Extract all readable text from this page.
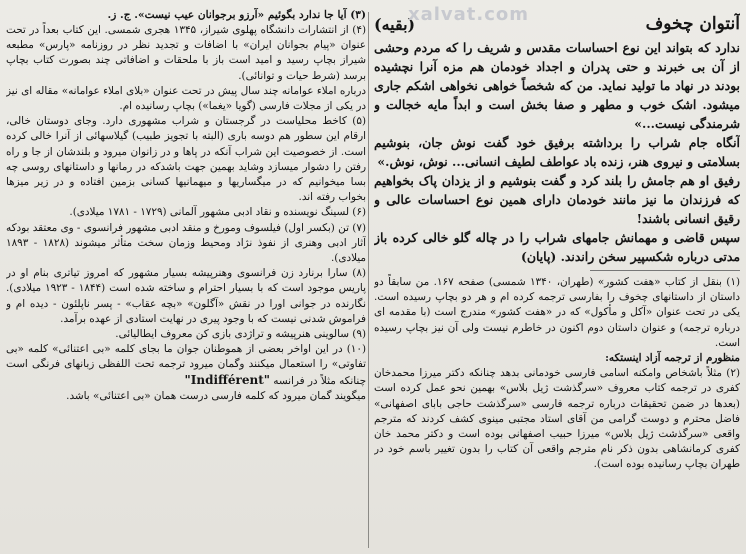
xalvat.com	آنتوان چخوف
(بقیه)

ندارد که بتواند این نوع احساسات مقدس و شریف را که مردم وحشی از آن بی خبرند و حتی پدران و اجداد خودمان هم مزه آنرا نچشیده بودند در نهاد ما تولید نماید. من که شخصاً خواهی نخواهی اشکم جاری میشود. اشک خوب و مطهر و صفا بخش است و ابداً مایه خجالت و شرمندگی نیست...»

آنگاه جام شراب را برداشته برفیق خود گفت نوش جان، بنوشیم بسلامتی و نیروی هنر، زنده باد عواطف لطیف انسانی... نوش، نوش.»

رفیق او هم جامش را بلند کرد و گفت بنوشیم و از یزدان پاک بخواهیم که فرزندان ما نیز مانند خودمان دارای همین نوع احساسات عالی و رقیق انسانی باشند!

سپس قاضی و مهمانش جامهای شراب را در چاله گلو خالی کرده باز مدتی درباره شکسپیر سخن راندند. (پایان)

(۱) بنقل از کتاب «هفت کشور» (طهران، ۱۳۴۰ شمسی) صفحه ۱۶۷. من سابقاً دو داستان از داستانهای چخوف را بفارسی ترجمه کرده ام و هر دو بچاپ رسیده است. یکی در تحت عنوان «آکل و مأکول» که در «هفت کشور» مندرج است (با مقدمه ای درباره ترجمه) و عنوان داستان دوم اکنون در خاطرم نیست ولی آن نیز بچاپ رسیده است.

منظورم از ترجمه آزاد اینستکه:

(۲) مثلاً باشخاص وامکنه اسامی فارسی خودمانی بدهد چنانکه دکتر میرزا محمدخان کفری در ترجمه کتاب معروف «سرگذشت ژیل بلاس» بهمین نحو عمل کرده است (بعدها در ضمن تحقیقات درباره ترجمه فارسی «سرگذشت حاجی بابای اصفهانی» فاضل محترم و دوست گرامی من آقای استاد مجتبی مینوی کشف کردند که مترجم واقعی «سرگذشت ژیل بلاس» میرزا حبیب اصفهانی بوده است و دکتر محمد خان کفری کرمانشاهی بدون ذکر نام مترجم واقعی آن کتاب را بدون تغییر باسم خود در طهران بچاپ رسانیده بوده است).

(۳) آیا جا ندارد بگوئیم «آرزو برجوانان عیب نیست». ج. ز.

(۴) از انتشارات دانشگاه پهلوی شیراز، ۱۳۴۵ هجری شمسی. این کتاب بعداً در تحت عنوان «پیام بجوانان ایران» با اضافات و تجدید نظر در روزنامه «پارس» مطبعه شیراز بچاپ رسید و امید است باز با ملحقات و اضافاتی چند بصورت کتاب بچاپ برسد (شرط حیات و توانائی).

درباره املاء عوامانه چند سال پیش در تحت عنوان «بلای املاء عوامانه» مقاله ای نیز در یکی از مجلات فارسی (گویا «یغما») بچاپ رسانیده ام.

(۵) کاخط محلیاست در گرجستان و شراب مشهوری دارد. وجای دوستان خالی، ارقام این سطور هم دوسه باری (البته با تجویز طبیب) گیلاسهائی از آنرا خالی کرده است. از خصوصیت این شراب آنکه در پاها و در زانوان میرود و بلندشان از جا و راه رفتن را دشوار میسازد وشاید بهمین جهت باشدکه در رمانها و داستانهای روسی چه بسا میخوانیم که در میگساریها و میهمانیها کسانی بزمین افتاده و در زیر میزها بخواب رفته اند.

(۶) لسینگ نویسنده و نقاد ادبی مشهور آلمانی (۱۷۲۹ - ۱۷۸۱ میلادی).

(۷) تن (بکسر اول) فیلسوف ومورخ و منقد ادبی مشهور فرانسوی - وی معتقد بودکه آثار ادبی وهنری از نفوذ نژاد ومحیط وزمان سخت متأثر میشوند (۱۸۲۸ - ۱۸۹۳ میلادی).

(۸) سارا برنارد زن فرانسوی وهنرپیشه بسیار مشهور که امروز تیاتری بنام او در پاریس موجود است که با بسیار احترام و ساخته شده است (۱۸۴۴ - ۱۹۲۳ میلادی). نگارنده در جوانی اورا در نقش «آگلون» «بچه عقاب» - پسر ناپلئون - دیده ام و فراموش شدنی نیست که با وجود پیری در نهایت استادی از عهده برآمد.

(۹) سالوینی هنرپیشه و تراژدی بازی کن معروف ایطالیائی.

(۱۰) در این اواخر بعضی از هموطنان جوان ما بجای کلمه «بی اعتنائی» کلمه «بی تفاوتی» را استعمال میکنند وگمان میرود ترجمه تحت اللفظی زبانهای فرنگی است چنانکه مثلاً در فرانسه "Indifférent"

میگویند گمان میرود که کلمه فارسی درست همان «بی اعتنائی» باشد.
